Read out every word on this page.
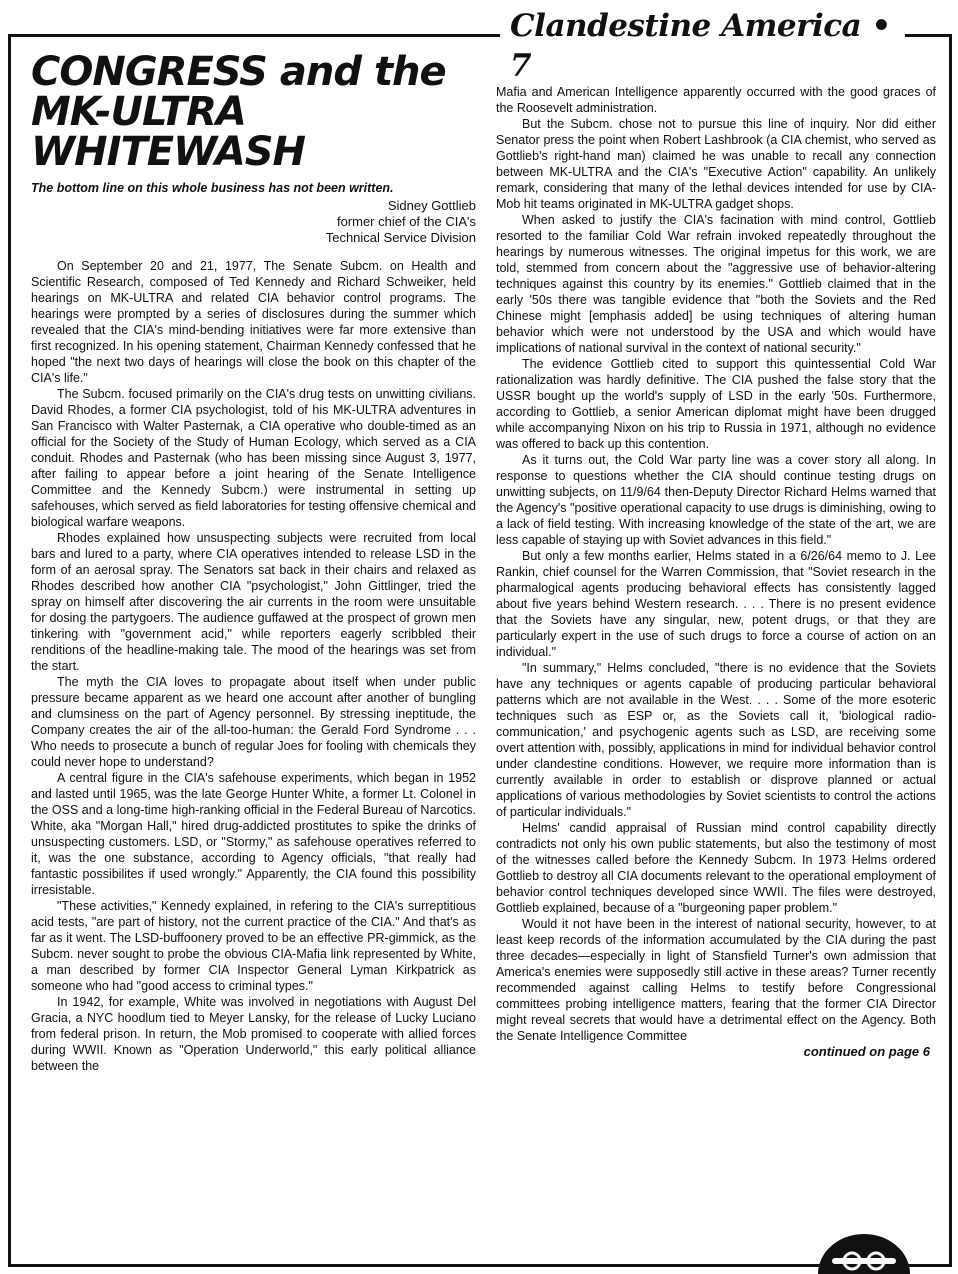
Clandestine America • 7
CONGRESS and the
MK-ULTRA
WHITEWASH
The bottom line on this whole business has not been written.
Sidney Gottlieb
former chief of the CIA's
Technical Service Division

On September 20 and 21, 1977, The Senate Subcm. on Health and Scientific Research, composed of Ted Kennedy and Richard Schweiker, held hearings on MK-ULTRA and related CIA behavior control programs. The hearings were prompted by a series of disclosures during the summer which revealed that the CIA's mind-bending initiatives were far more extensive than first recognized. In his opening statement, Chairman Kennedy confessed that he hoped "the next two days of hearings will close the book on this chapter of the CIA's life."

The Subcm. focused primarily on the CIA's drug tests on unwitting civilians. David Rhodes, a former CIA psychologist, told of his MK-ULTRA adventures in San Francisco with Walter Pasternak, a CIA operative who double-timed as an official for the Society of the Study of Human Ecology, which served as a CIA conduit. Rhodes and Pasternak (who has been missing since August 3, 1977, after failing to appear before a joint hearing of the Senate Intelligence Committee and the Kennedy Subcm.) were instrumental in setting up safehouses, which served as field laboratories for testing offensive chemical and biological warfare weapons.

Rhodes explained how unsuspecting subjects were recruited from local bars and lured to a party, where CIA operatives intended to release LSD in the form of an aerosal spray. The Senators sat back in their chairs and relaxed as Rhodes described how another CIA "psychologist," John Gittlinger, tried the spray on himself after discovering the air currents in the room were unsuitable for dosing the partygoers. The audience guffawed at the prospect of grown men tinkering with "government acid," while reporters eagerly scribbled their renditions of the headline-making tale. The mood of the hearings was set from the start.

The myth the CIA loves to propagate about itself when under public pressure became apparent as we heard one account after another of bungling and clumsiness on the part of Agency personnel. By stressing ineptitude, the Company creates the air of the all-too-human: the Gerald Ford Syndrome . . . Who needs to prosecute a bunch of regular Joes for fooling with chemicals they could never hope to understand?

A central figure in the CIA's safehouse experiments, which began in 1952 and lasted until 1965, was the late George Hunter White, a former Lt. Colonel in the OSS and a long-time high-ranking official in the Federal Bureau of Narcotics. White, aka "Morgan Hall," hired drug-addicted prostitutes to spike the drinks of unsuspecting customers. LSD, or "Stormy," as safehouse operatives referred to it, was the one substance, according to Agency officials, "that really had fantastic possibilites if used wrongly." Apparently, the CIA found this possibility irresistable.

"These activities," Kennedy explained, in refering to the CIA's surreptitious acid tests, "are part of history, not the current practice of the CIA." And that's as far as it went. The LSD-buffoonery proved to be an effective PR-gimmick, as the Subcm. never sought to probe the obvious CIA-Mafia link represented by White, a man described by former CIA Inspector General Lyman Kirkpatrick as someone who had "good access to criminal types."

In 1942, for example, White was involved in negotiations with August Del Gracia, a NYC hoodlum tied to Meyer Lansky, for the release of Lucky Luciano from federal prison. In return, the Mob promised to cooperate with allied forces during WWII. Known as "Operation Underworld," this early political alliance between the

Mafia and American Intelligence apparently occurred with the good graces of the Roosevelt administration.

But the Subcm. chose not to pursue this line of inquiry. Nor did either Senator press the point when Robert Lashbrook (a CIA chemist, who served as Gottlieb's right-hand man) claimed he was unable to recall any connection between MK-ULTRA and the CIA's "Executive Action" capability. An unlikely remark, considering that many of the lethal devices intended for use by CIA-Mob hit teams originated in MK-ULTRA gadget shops.

When asked to justify the CIA's facination with mind control, Gottlieb resorted to the familiar Cold War refrain invoked repeatedly throughout the hearings by numerous witnesses. The original impetus for this work, we are told, stemmed from concern about the "aggressive use of behavior-altering techniques against this country by its enemies." Gottlieb claimed that in the early '50s there was tangible evidence that "both the Soviets and the Red Chinese might [emphasis added] be using techniques of altering human behavior which were not understood by the USA and which would have implications of national survival in the context of national security."

The evidence Gottlieb cited to support this quintessential Cold War rationalization was hardly definitive. The CIA pushed the false story that the USSR bought up the world's supply of LSD in the early '50s. Furthermore, according to Gottlieb, a senior American diplomat might have been drugged while accompanying Nixon on his trip to Russia in 1971, although no evidence was offered to back up this contention.

As it turns out, the Cold War party line was a cover story all along. In response to questions whether the CIA should continue testing drugs on unwitting subjects, on 11/9/64 then-Deputy Director Richard Helms warned that the Agency's "positive operational capacity to use drugs is diminishing, owing to a lack of field testing. With increasing knowledge of the state of the art, we are less capable of staying up with Soviet advances in this field."

But only a few months earlier, Helms stated in a 6/26/64 memo to J. Lee Rankin, chief counsel for the Warren Commission, that "Soviet research in the pharmalogical agents producing behavioral effects has consistently lagged about five years behind Western research. . . . There is no present evidence that the Soviets have any singular, new, potent drugs, or that they are particularly expert in the use of such drugs to force a course of action on an individual."

"In summary," Helms concluded, "there is no evidence that the Soviets have any techniques or agents capable of producing particular behavioral patterns which are not available in the West. . . . Some of the more esoteric techniques such as ESP or, as the Soviets call it, 'biological radio-communication,' and psychogenic agents such as LSD, are receiving some overt attention with, possibly, applications in mind for individual behavior control under clandestine conditions. However, we require more information than is currently available in order to establish or disprove planned or actual applications of various methodologies by Soviet scientists to control the actions of particular individuals."

Helms' candid appraisal of Russian mind control capability directly contradicts not only his own public statements, but also the testimony of most of the witnesses called before the Kennedy Subcm. In 1973 Helms ordered Gottlieb to destroy all CIA documents relevant to the operational employment of behavior control techniques developed since WWII. The files were destroyed, Gottlieb explained, because of a "burgeoning paper problem."

Would it not have been in the interest of national security, however, to at least keep records of the information accumulated by the CIA during the past three decades—especially in light of Stansfield Turner's own admission that America's enemies were supposedly still active in these areas? Turner recently recommended against calling Helms to testify before Congressional committees probing intelligence matters, fearing that the former CIA Director might reveal secrets that would have a detrimental effect on the Agency. Both the Senate Intelligence Committee

continued on page 6
